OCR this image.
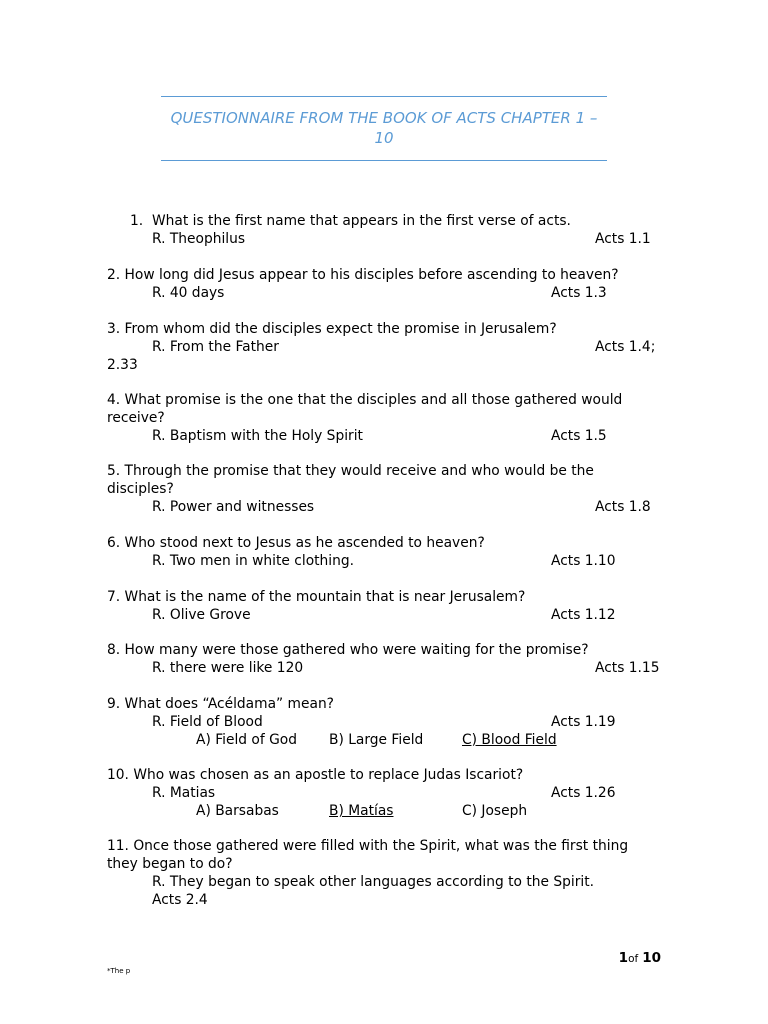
QUESTIONNAIRE FROM THE BOOK OF ACTS CHAPTER 1 –
10
1. What is the first name that appears in the first verse of acts.
R. Theophilus	Acts 1.1
2. How long did Jesus appear to his disciples before ascending to heaven?
R. 40 days	Acts 1.3
3. From whom did the disciples expect the promise in Jerusalem?
R. From the Father	Acts 1.4;
2.33
4. What promise is the one that the disciples and all those gathered would
receive?
R. Baptism with the Holy Spirit	Acts 1.5
5. Through the promise that they would receive and who would be the
disciples?
R. Power and witnesses	Acts 1.8
6. Who stood next to Jesus as he ascended to heaven?
R. Two men in white clothing.	Acts 1.10
7. What is the name of the mountain that is near Jerusalem?
R. Olive Grove	Acts 1.12
8. How many were those gathered who were waiting for the promise?
R. there were like 120	Acts 1.15
9. What does “Acéldama” mean?
R. Field of Blood	Acts 1.19
A) Field of God B) Large Field	C) Blood Field
10. Who was chosen as an apostle to replace Judas Iscariot?
R. Matias	Acts 1.26
A) Barsabas	B) Matías	C) Joseph
11. Once those gathered were filled with the Spirit, what was the first thing
they began to do?
R. They began to speak other languages according to the Spirit.
Acts 2.4
1of 10
*The p
